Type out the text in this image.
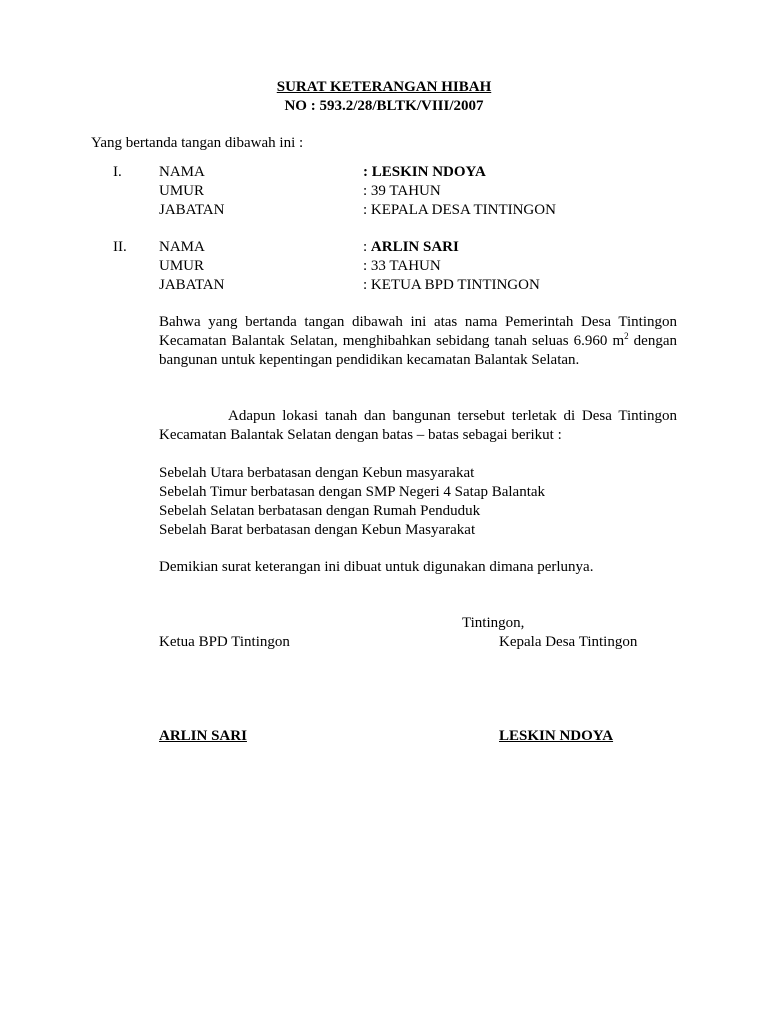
SURAT KETERANGAN HIBAH
NO : 593.2/28/BLTK/VIII/2007
Yang bertanda tangan dibawah ini :
I. NAMA	: LESKIN NDOYA
UMUR	: 39 TAHUN
JABATAN	: KEPALA DESA TINTINGON
II. NAMA	: ARLIN SARI
UMUR	: 33 TAHUN
JABATAN	: KETUA BPD TINTINGON
Bahwa yang bertanda tangan dibawah ini atas nama Pemerintah Desa Tintingon Kecamatan Balantak Selatan, menghibahkan sebidang tanah seluas 6.960 $m^2$ dengan bangunan untuk kepentingan pendidikan kecamatan Balantak Selatan.
Adapun lokasi tanah dan bangunan tersebut terletak di Desa Tintingon Kecamatan Balantak Selatan dengan batas – batas sebagai berikut :
Sebelah Utara berbatasan dengan Kebun masyarakat
Sebelah Timur berbatasan dengan SMP Negeri 4 Satap Balantak
Sebelah Selatan berbatasan dengan Rumah Penduduk
Sebelah Barat berbatasan dengan Kebun Masyarakat
Demikian surat keterangan ini dibuat untuk digunakan dimana perlunya.
Tintingon,
Ketua BPD Tintingon	Kepala Desa Tintingon
ARLIN SARI	LESKIN NDOYA
